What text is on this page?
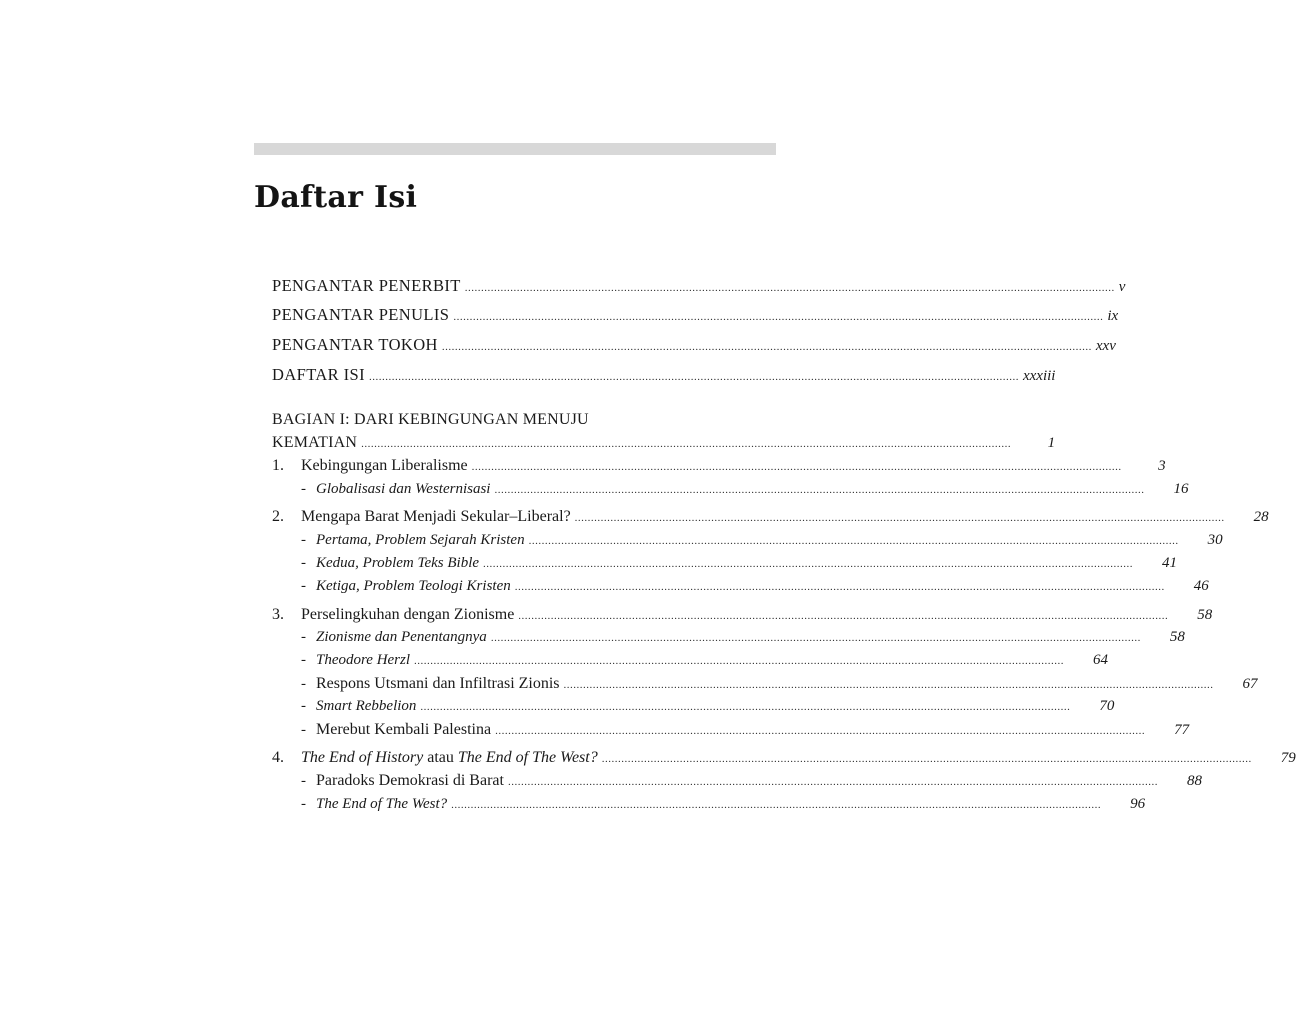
Daftar Isi
PENGANTAR PENERBIT ........................................................................................................................................................................................................ v
PENGANTAR PENULIS ........................................................................................................................................................................................................ ix
PENGANTAR TOKOH ........................................................................................................................................................................................................ xxv
DAFTAR ISI ........................................................................................................................................................................................................ xxxiii
BAGIAN I: DARI KEBINGUNGAN MENUJU
KEMATIAN ........................................................................................................................................................................................................	1
1.	Kebingungan Liberalisme ........................................................................................................................................................................................................	3
- Globalisasi dan Westernisasi ........................................................................................................................................................................................................	16
2.	Mengapa Barat Menjadi Sekular–Liberal? ........................................................................................................................................................................................................	28
- Pertama, Problem Sejarah Kristen ........................................................................................................................................................................................................	30
- Kedua, Problem Teks Bible ........................................................................................................................................................................................................	41
- Ketiga, Problem Teologi Kristen ........................................................................................................................................................................................................	46
3.	Perselingkuhan dengan Zionisme ........................................................................................................................................................................................................	58
- Zionisme dan Penentangnya ........................................................................................................................................................................................................	58
- Theodore Herzl ........................................................................................................................................................................................................	64
- Respons Utsmani dan Infiltrasi Zionis ........................................................................................................................................................................................................	67
- Smart Rebbelion ........................................................................................................................................................................................................	70
- Merebut Kembali Palestina ........................................................................................................................................................................................................	77
4.	The End of History atau The End of The West? ........................................................................................................................................................................................................	79
- Paradoks Demokrasi di Barat ........................................................................................................................................................................................................	88
- The End of The West? ........................................................................................................................................................................................................	96
